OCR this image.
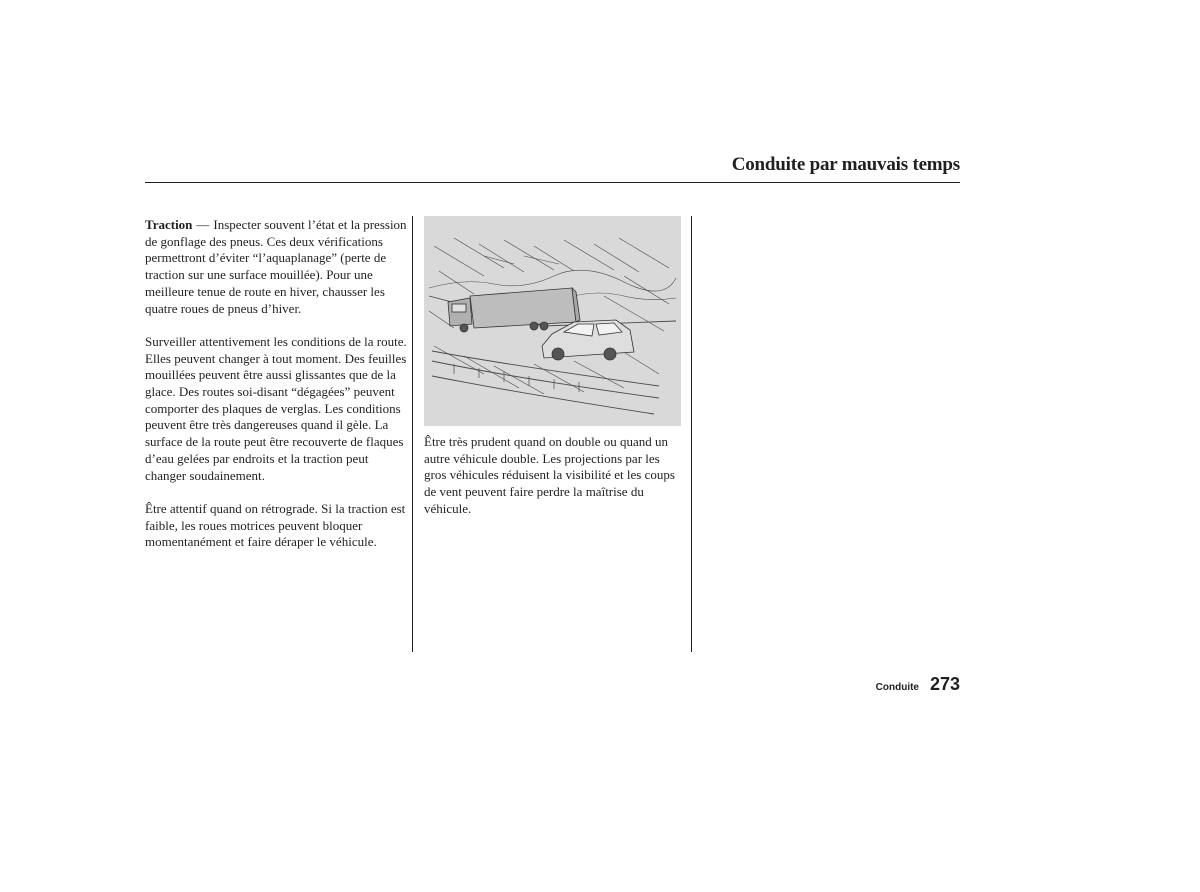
Conduite par mauvais temps

Traction — Inspecter souvent l’état et la pression de gonflage des pneus. Ces deux vérifications permettront d’éviter “l’aquaplanage” (perte de traction sur une surface mouillée). Pour une meilleure tenue de route en hiver, chausser les quatre roues de pneus d’hiver.

Surveiller attentivement les conditions de la route. Elles peuvent changer à tout moment. Des feuilles mouillées peuvent être aussi glissantes que de la glace. Des routes soi-disant “dégagées” peuvent comporter des plaques de verglas. Les conditions peuvent être très dangereuses quand il gèle. La surface de la route peut être recouverte de flaques d’eau gelées par endroits et la traction peut changer soudainement.

Être attentif quand on rétrograde. Si la traction est faible, les roues motrices peuvent bloquer momentanément et faire déraper le véhicule.

Être très prudent quand on double ou quand un autre véhicule double. Les projections par les gros véhicules réduisent la visibilité et les coups de vent peuvent faire perdre la maîtrise du véhicule.

Conduite 273
